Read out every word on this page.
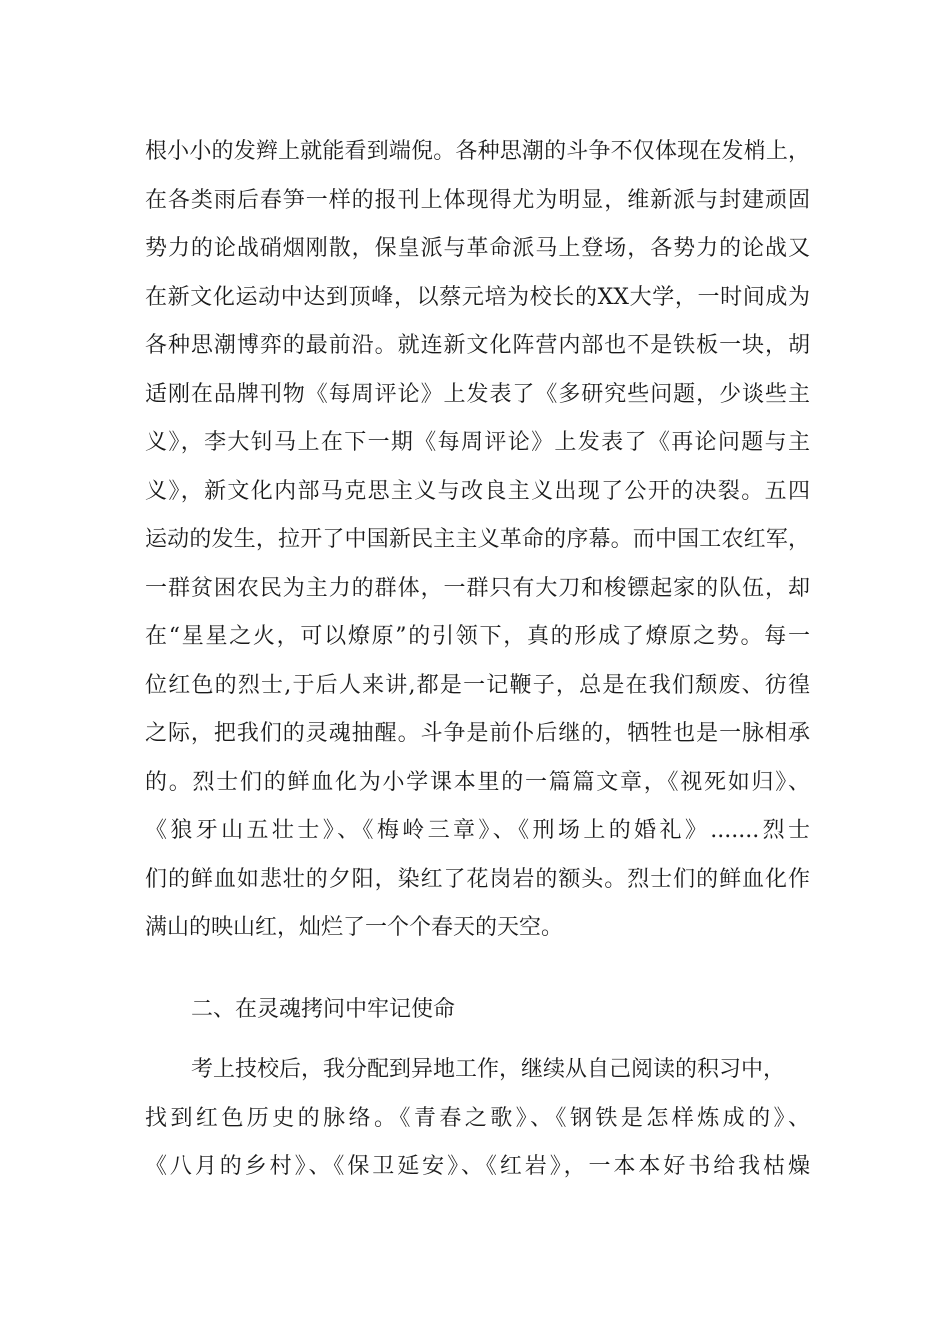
根小小的发辫上就能看到端倪。各种思潮的斗争不仅体现在发梢上，
在各类雨后春笋一样的报刊上体现得尤为明显，维新派与封建顽固
势力的论战硝烟刚散，保皇派与革命派马上登场，各势力的论战又
在新文化运动中达到顶峰，以蔡元培为校长的XX大学，一时间成为
各种思潮博弈的最前沿。就连新文化阵营内部也不是铁板一块，胡
适刚在品牌刊物《每周评论》上发表了《多研究些问题，少谈些主
义》，李大钊马上在下一期《每周评论》上发表了《再论问题与主
义》，新文化内部马克思主义与改良主义出现了公开的决裂。五四
运动的发生，拉开了中国新民主主义革命的序幕。而中国工农红军，
一群贫困农民为主力的群体，一群只有大刀和梭镖起家的队伍，却
在“星星之火，可以燎原”的引领下，真的形成了燎原之势。每一
位红色的烈士,于后人来讲,都是一记鞭子，总是在我们颓废、彷徨
之际，把我们的灵魂抽醒。斗争是前仆后继的，牺牲也是一脉相承
的。烈士们的鲜血化为小学课本里的一篇篇文章，《视死如归》、
《狼牙山五壮士》、《梅岭三章》、《刑场上的婚礼》.......烈士
们的鲜血如悲壮的夕阳，染红了花岗岩的额头。烈士们的鲜血化作
满山的映山红，灿烂了一个个春天的天空。
二、在灵魂拷问中牢记使命
考上技校后，我分配到异地工作，继续从自己阅读的积习中，
找到红色历史的脉络。《青春之歌》、《钢铁是怎样炼成的》、
《八月的乡村》、《保卫延安》、《红岩》，一本本好书给我枯燥
